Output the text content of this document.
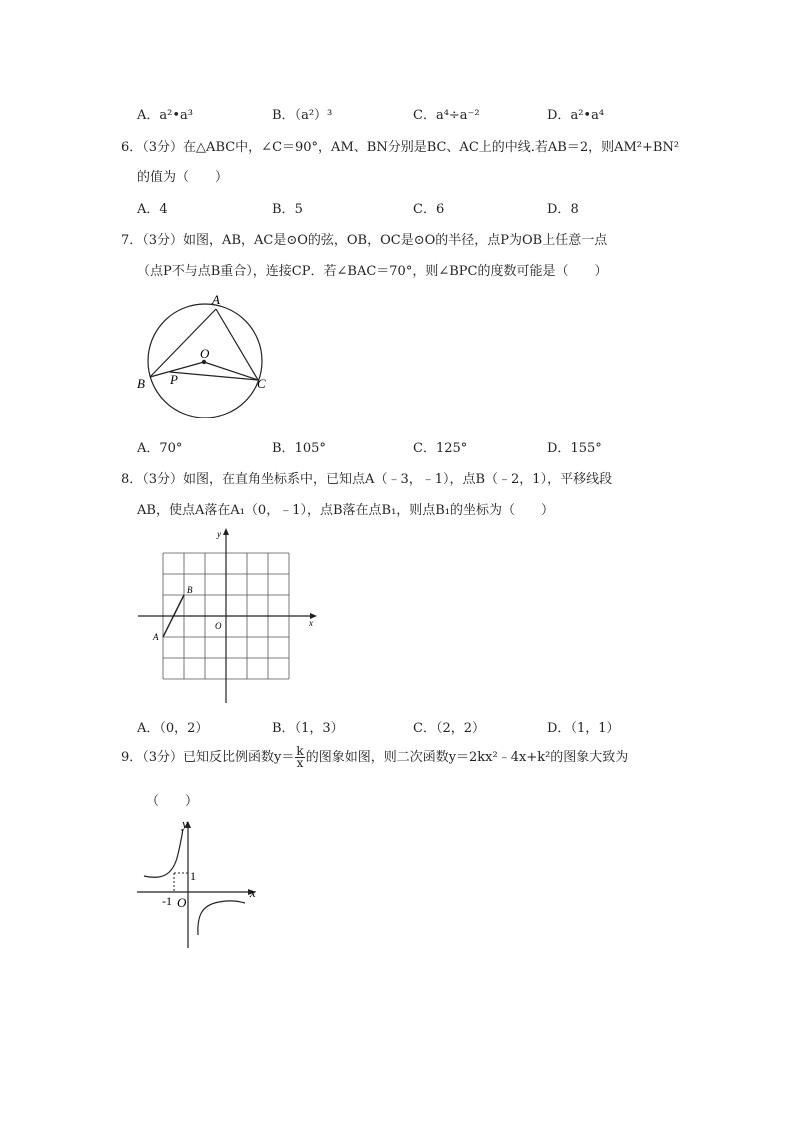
A．a²•a³	B．（a²）³	C．a⁴÷a⁻²	D．a²•a⁴
6．（3分）在△ABC中，∠C＝90°，AM、BN分别是BC、AC上的中线.若AB＝2，则AM²+BN²
的值为（　　）
A．4	B．5	C．6	D．8
7．（3分）如图，AB，AC是⊙O的弦，OB，OC是⊙O的半径，点P为OB上任意一点
（点P不与点B重合），连接CP．若∠BAC＝70°，则∠BPC的度数可能是（　　）
A
B	C
O
P
A．70°	B．105°	C．125°	D．155°
8．（3分）如图，在直角坐标系中，已知点A（﹣3，﹣1），点B（﹣2，1），平移线段
AB，使点A落在A₁（0，﹣1），点B落在点B₁，则点B₁的坐标为（　　）
y
x
O
A
B
A．（0，2）	B．（1，3）	C．（2，2）	D．（1，1）
9．（3分）已知反比例函数$y= \frac{k}{x}$ 的图象如图，则二次函数y＝2kx²﹣4x+k²的图象大致为
（　　）
y
x
O
1
-1
